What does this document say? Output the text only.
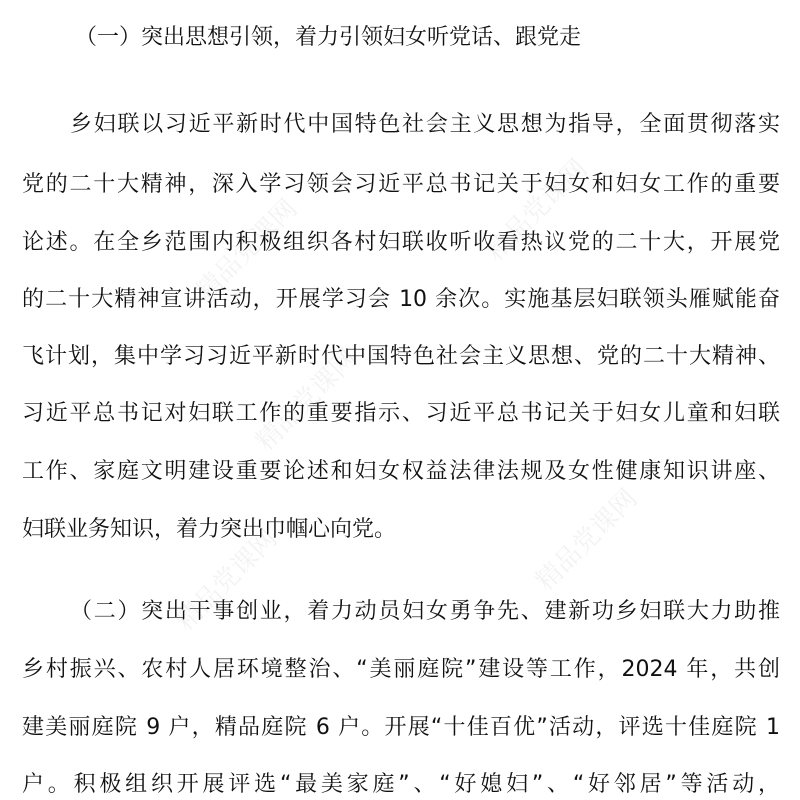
精品党课网	精品党课网
精品党课网	精品党课网
精品党课网
（一）突出思想引领，着力引领妇女听党话、跟党走
乡妇联以习近平新时代中国特色社会主义思想为指导，全面贯彻落实
党的二十大精神，深入学习领会习近平总书记关于妇女和妇女工作的重要
论述。在全乡范围内积极组织各村妇联收听收看热议党的二十大，开展党
的二十大精神宣讲活动，开展学习会 10 余次。实施基层妇联领头雁赋能奋
飞计划，集中学习习近平新时代中国特色社会主义思想、党的二十大精神、
习近平总书记对妇联工作的重要指示、习近平总书记关于妇女儿童和妇联
工作、家庭文明建设重要论述和妇女权益法律法规及女性健康知识讲座、
妇联业务知识，着力突出巾帼心向党。
（二）突出干事创业，着力动员妇女勇争先、建新功乡妇联大力助推
乡村振兴、农村人居环境整治、“美丽庭院”建设等工作，2024 年，共创
建美丽庭院 9 户，精品庭院 6 户。开展“十佳百优”活动，评选十佳庭院 1
户。积极组织开展评选“最美家庭”、“好媳妇”、“好邻居”等活动，
